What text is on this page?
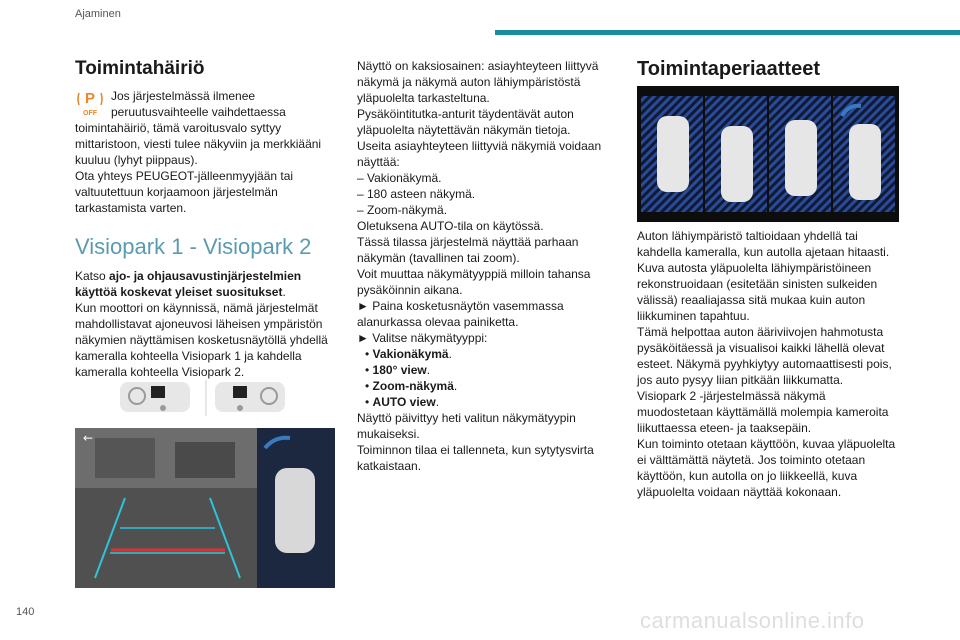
Ajaminen
Toimintahäiriö
P
OFF
Jos järjestelmässä ilmenee
peruutusvaihteelle vaihdettaessa
toimintahäiriö, tämä varoitusvalo syttyy
mittaristoon, viesti tulee näkyviin ja merkkiääni
kuuluu (lyhyt piippaus).
Ota yhteys PEUGEOT-jälleenmyyjään tai
valtuutettuun korjaamoon järjestelmän
tarkastamista varten.
Visiopark 1 - Visiopark 2
Katso ajo- ja ohjausavustinjärjestelmien
käyttöä koskevat yleiset suositukset.
Kun moottori on käynnissä, nämä järjestelmät
mahdollistavat ajoneuvosi läheisen ympäristön
näkymien näyttämisen kosketusnäytöllä yhdellä
kameralla kohteella Visiopark 1 ja kahdella
kameralla kohteella Visiopark 2.
←
Näyttö on kaksiosainen: asiayhteyteen liittyvä
näkymä ja näkymä auton lähiympäristöstä
yläpuolelta tarkasteltuna.
Pysäköintitutka-anturit täydentävät auton
yläpuolelta näytettävän näkymän tietoja.
Useita asiayhteyteen liittyviä näkymiä voidaan
näyttää:
– Vakionäkymä.
– 180 asteen näkymä.
– Zoom-näkymä.
Oletuksena AUTO-tila on käytössä.
Tässä tilassa järjestelmä näyttää parhaan
näkymän (tavallinen tai zoom).
Voit muuttaa näkymätyyppiä milloin tahansa
pysäköinnin aikana.
► Paina kosketusnäytön vasemmassa
alanurkassa olevaa painiketta.
► Valitse näkymätyyppi:
• Vakionäkymä.
• 180° view.
• Zoom-näkymä.
• AUTO view.
Näyttö päivittyy heti valitun näkymätyypin
mukaiseksi.
Toiminnon tilaa ei tallenneta, kun sytytysvirta
katkaistaan.
Toimintaperiaatteet
Auton lähiympäristö taltioidaan yhdellä tai
kahdella kameralla, kun autolla ajetaan hitaasti.
Kuva autosta yläpuolelta lähiympäristöineen
rekonstruoidaan (esitetään sinisten sulkeiden
välissä) reaaliajassa sitä mukaa kuin auton
liikkuminen tapahtuu.
Tämä helpottaa auton ääriviivojen hahmotusta
pysäköitäessä ja visualisoi kaikki lähellä olevat
esteet. Näkymä pyyhkiytyy automaattisesti pois,
jos auto pysyy liian pitkään liikkumatta.
Visiopark 2 -järjestelmässä näkymä
muodostetaan käyttämällä molempia kameroita
liikuttaessa eteen- ja taaksepäin.
Kun toiminto otetaan käyttöön, kuvaa yläpuolelta
ei välttämättä näytetä. Jos toiminto otetaan
käyttöön, kun autolla on jo liikkeellä, kuva
yläpuolelta voidaan näyttää kokonaan.
140	carmanualsonline.info
